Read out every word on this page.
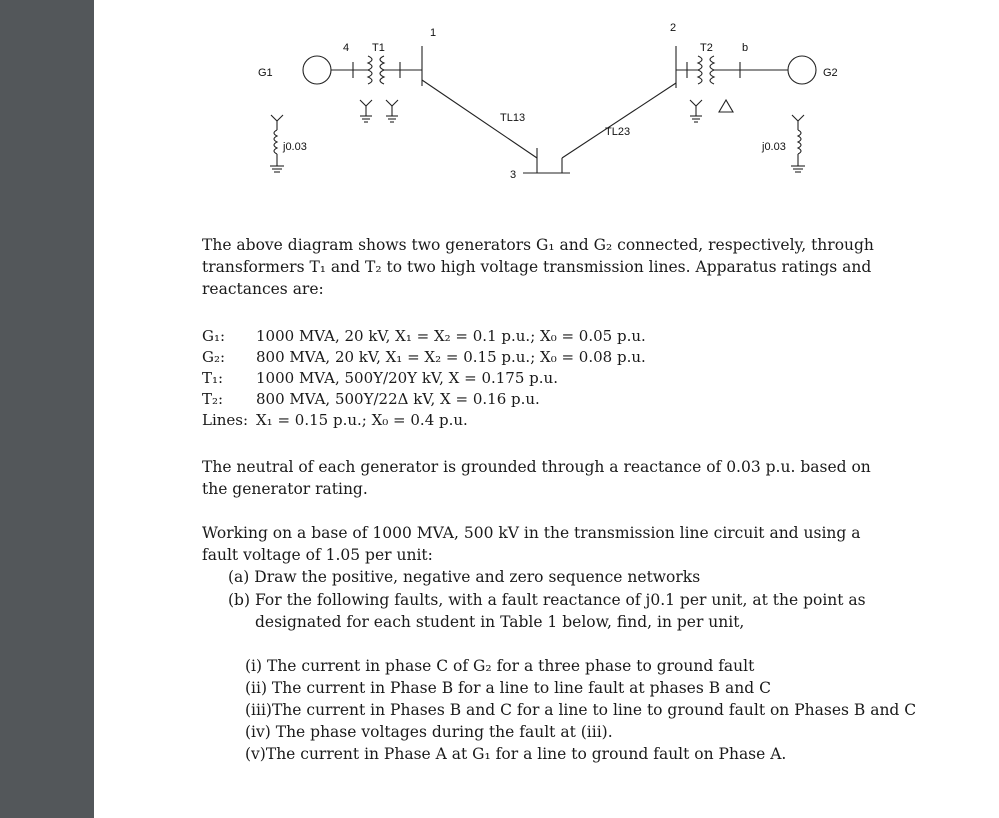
G1
T1
4
1
TL13
3
TL23
2
T2	b
G2
j0.03	j0.03

The above diagram shows two generators G₁ and G₂ connected, respectively, through transformers T₁ and T₂ to two high voltage transmission lines. Apparatus ratings and reactances are:

G₁:	1000 MVA, 20 kV, X₁ = X₂ = 0.1 p.u.; X₀ = 0.05 p.u.
G₂:	800 MVA, 20 kV, X₁ = X₂ = 0.15 p.u.; X₀ = 0.08 p.u.
T₁:	1000 MVA, 500Y/20Y kV, X = 0.175 p.u.
T₂:	800 MVA, 500Y/22Δ kV, X = 0.16 p.u.
Lines: X₁ = 0.15 p.u.; X₀ = 0.4 p.u.

The neutral of each generator is grounded through a reactance of 0.03 p.u. based on the generator rating.

Working on a base of 1000 MVA, 500 kV in the transmission line circuit and using a fault voltage of 1.05 per unit:

(a) Draw the positive, negative and zero sequence networks
(b) For the following faults, with a fault reactance of j0.1 per unit, at the point as designated for each student in Table 1 below, find, in per unit,
(i) The current in phase C of G₂ for a three phase to ground fault
(ii) The current in Phase B for a line to line fault at phases B and C
(iii)The current in Phases B and C for a line to line to ground fault on Phases B and C
(iv) The phase voltages during the fault at (iii).
(v)The current in Phase A at G₁ for a line to ground fault on Phase A.
